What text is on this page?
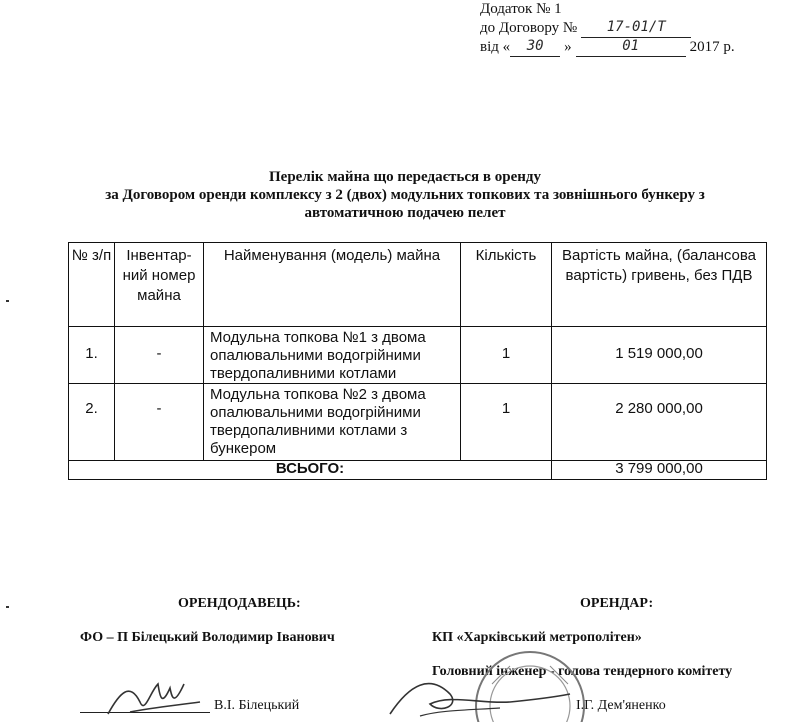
Додаток № 1
до Договору №	17-01/Т
від «	30	»	01	2017 р.
Перелік майна що передається в оренду
за Договором оренди комплексу з 2 (двох) модульних топкових та зовнішнього бункеру з
автоматичною подачею пелет
№ з/п	Інвентар-ний номер майна	Найменування (модель) майна	Кількість	Вартість майна, (балансова вартість) гривень, без ПДВ

1.	-	Модульна топкова №1 з двома опалювальними водогрійними твердопаливними котлами	1	1 519 000,00

2.	-	Модульна топкова №2 з двома опалювальними водогрійними твердопаливними котлами з бункером	1	2 280 000,00

ВСЬОГО:				3 799 000,00
ОРЕНДОДАВЕЦЬ:	ОРЕНДАР:
ФО – П Білецький Володимир Іванович	КП «Харківський метрополітен»
Головний інженер - голова тендерного комітету
В.І. Білецький	І.Г. Дем'яненко
